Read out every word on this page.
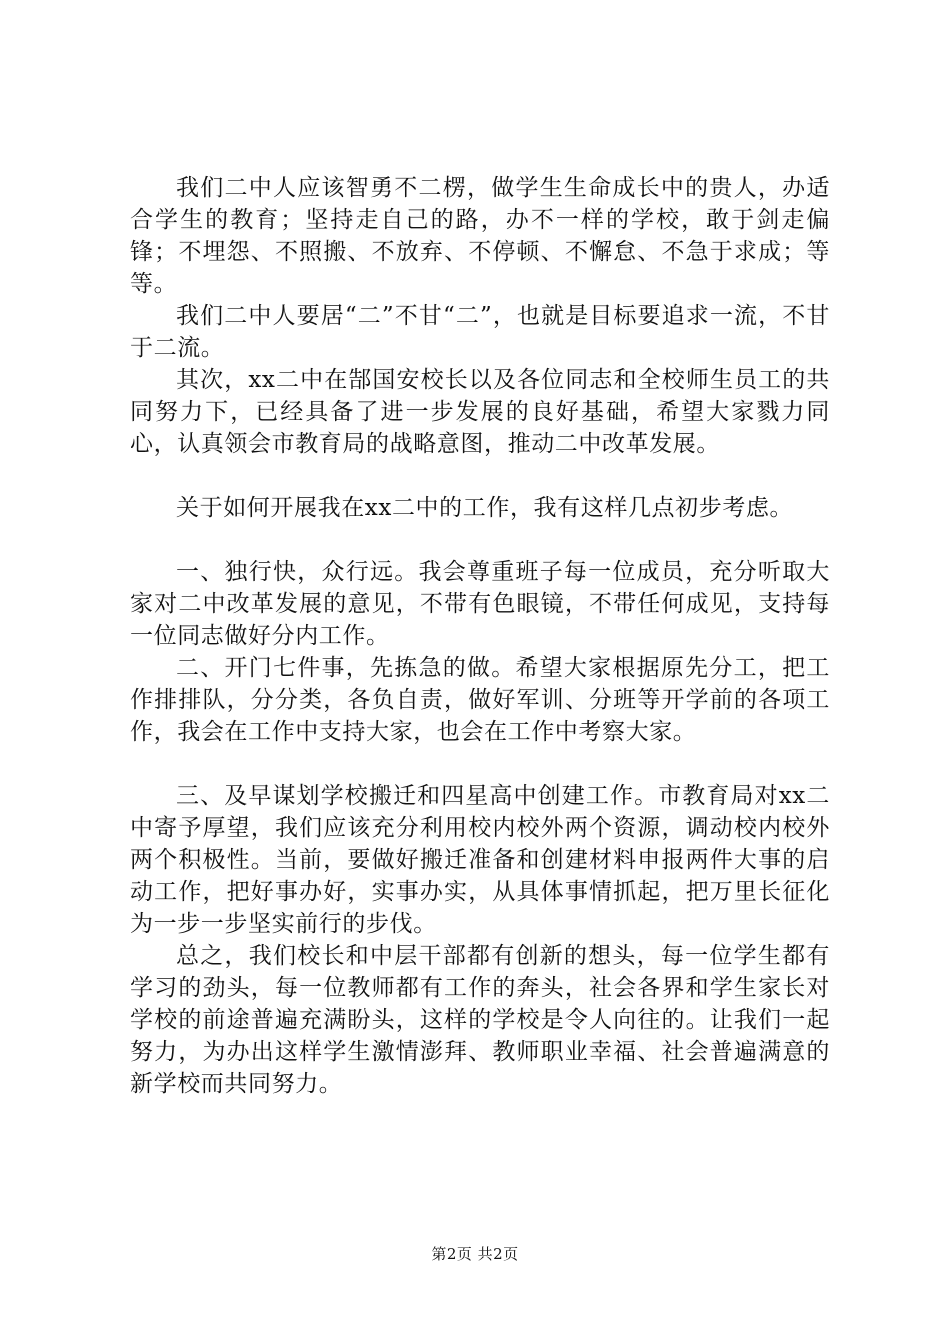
我们二中人应该智勇不二楞，做学生生命成长中的贵人，办适合学生的教育；坚持走自己的路，办不一样的学校，敢于剑走偏锋；不埋怨、不照搬、不放弃、不停顿、不懈怠、不急于求成；等等。

我们二中人要居“二”不甘“二”，也就是目标要追求一流，不甘于二流。

其次，xx二中在郜国安校长以及各位同志和全校师生员工的共同努力下，已经具备了进一步发展的良好基础，希望大家戮力同心，认真领会市教育局的战略意图，推动二中改革发展。

关于如何开展我在xx二中的工作，我有这样几点初步考虑。

一、独行快，众行远。我会尊重班子每一位成员，充分听取大家对二中改革发展的意见，不带有色眼镜，不带任何成见，支持每一位同志做好分内工作。

二、开门七件事，先拣急的做。希望大家根据原先分工，把工作排排队，分分类，各负自责，做好军训、分班等开学前的各项工作，我会在工作中支持大家，也会在工作中考察大家。

三、及早谋划学校搬迁和四星高中创建工作。市教育局对xx二中寄予厚望，我们应该充分利用校内校外两个资源，调动校内校外两个积极性。当前，要做好搬迁准备和创建材料申报两件大事的启动工作，把好事办好，实事办实，从具体事情抓起，把万里长征化为一步一步坚实前行的步伐。

总之，我们校长和中层干部都有创新的想头，每一位学生都有学习的劲头，每一位教师都有工作的奔头，社会各界和学生家长对学校的前途普遍充满盼头，这样的学校是令人向往的。让我们一起努力，为办出这样学生激情澎拜、教师职业幸福、社会普遍满意的新学校而共同努力。

第2页 共2页
